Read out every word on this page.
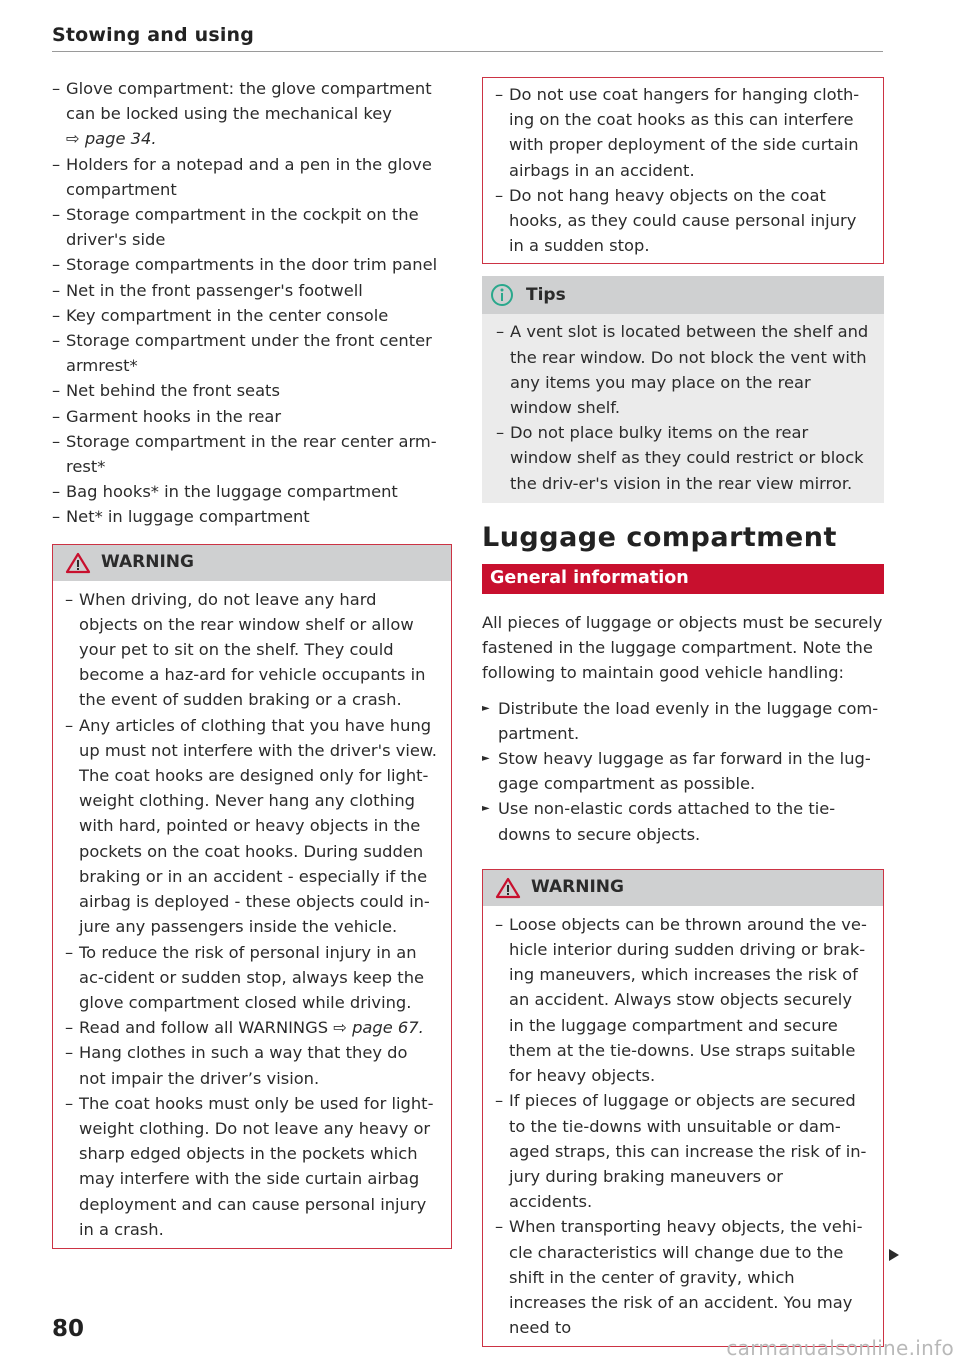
Stowing and using
– Glove compartment: the glove compartment can be locked using the mechanical key
⇨ page 34.
– Holders for a notepad and a pen in the glove compartment
– Storage compartment in the cockpit on the driver's side
– Storage compartments in the door trim panel
– Net in the front passenger's footwell
– Key compartment in the center console
– Storage compartment under the front center armrest*
– Net behind the front seats
– Garment hooks in the rear
– Storage compartment in the rear center arm-rest*
– Bag hooks* in the luggage compartment
– Net* in luggage compartment
WARNING
– When driving, do not leave any hard objects on the rear window shelf or allow your pet to sit on the shelf. They could become a haz-ard for vehicle occupants in the event of sudden braking or a crash.
– Any articles of clothing that you have hung up must not interfere with the driver's view. The coat hooks are designed only for light-weight clothing. Never hang any clothing with hard, pointed or heavy objects in the pockets on the coat hooks. During sudden braking or in an accident - especially if the airbag is deployed - these objects could in-jure any passengers inside the vehicle.
– To reduce the risk of personal injury in an ac-cident or sudden stop, always keep the glove compartment closed while driving.
– Read and follow all WARNINGS ⇨ page 67.
– Hang clothes in such a way that they do not impair the driver’s vision.
– The coat hooks must only be used for light-weight clothing. Do not leave any heavy or sharp edged objects in the pockets which may interfere with the side curtain airbag deployment and can cause personal injury in a crash.
– Do not use coat hangers for hanging cloth-ing on the coat hooks as this can interfere with proper deployment of the side curtain airbags in an accident.
– Do not hang heavy objects on the coat hooks, as they could cause personal injury in a sudden stop.
Tips
– A vent slot is located between the shelf and the rear window. Do not block the vent with any items you may place on the rear window shelf.
– Do not place bulky items on the rear window shelf as they could restrict or block the driv-er's vision in the rear view mirror.
Luggage compartment
General information
All pieces of luggage or objects must be securely fastened in the luggage compartment. Note the following to maintain good vehicle handling:
► Distribute the load evenly in the luggage com-partment.
► Stow heavy luggage as far forward in the lug-gage compartment as possible.
► Use non-elastic cords attached to the tie-downs to secure objects.
WARNING
– Loose objects can be thrown around the ve-hicle interior during sudden driving or brak-ing maneuvers, which increases the risk of an accident. Always stow objects securely in the luggage compartment and secure them at the tie-downs. Use straps suitable for heavy objects.
– If pieces of luggage or objects are secured to the tie-downs with unsuitable or dam-aged straps, this can increase the risk of in-jury during braking maneuvers or accidents.
– When transporting heavy objects, the vehi-cle characteristics will change due to the shift in the center of gravity, which increases the risk of an accident. You may need to
80
carmanualsonline.info
